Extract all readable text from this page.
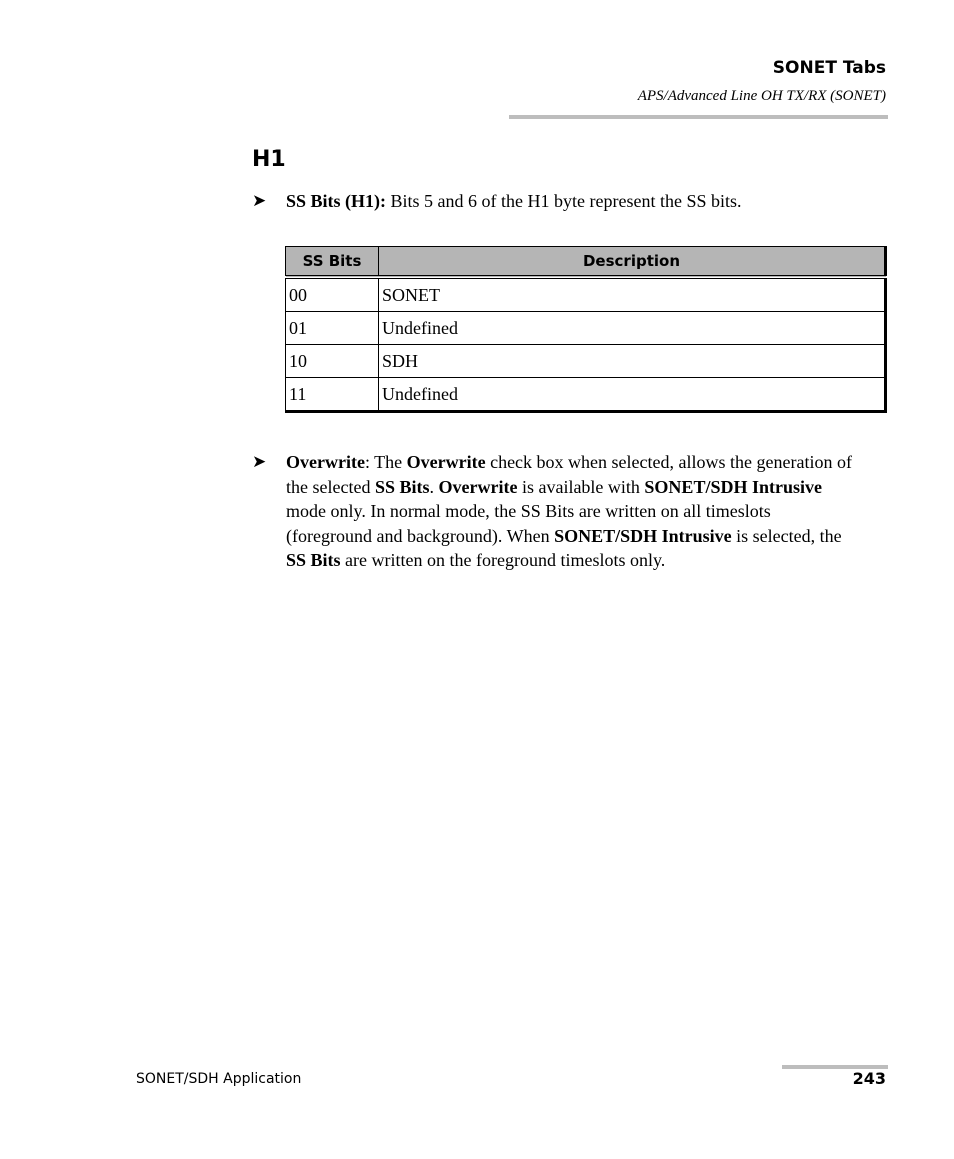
SONET Tabs
APS/Advanced Line OH TX/RX (SONET)
H1
➤	SS Bits (H1): Bits 5 and 6 of the H1 byte represent the SS bits.
SS Bits	Description
00	SONET
01	Undefined
10	SDH
11	Undefined
➤	Overwrite: The Overwrite check box when selected, allows the generation of the selected SS Bits. Overwrite is available with SONET/SDH Intrusive mode only. In normal mode, the SS Bits are written on all timeslots (foreground and background). When SONET/SDH Intrusive is selected, the SS Bits are written on the foreground timeslots only.
SONET/SDH Application	243
